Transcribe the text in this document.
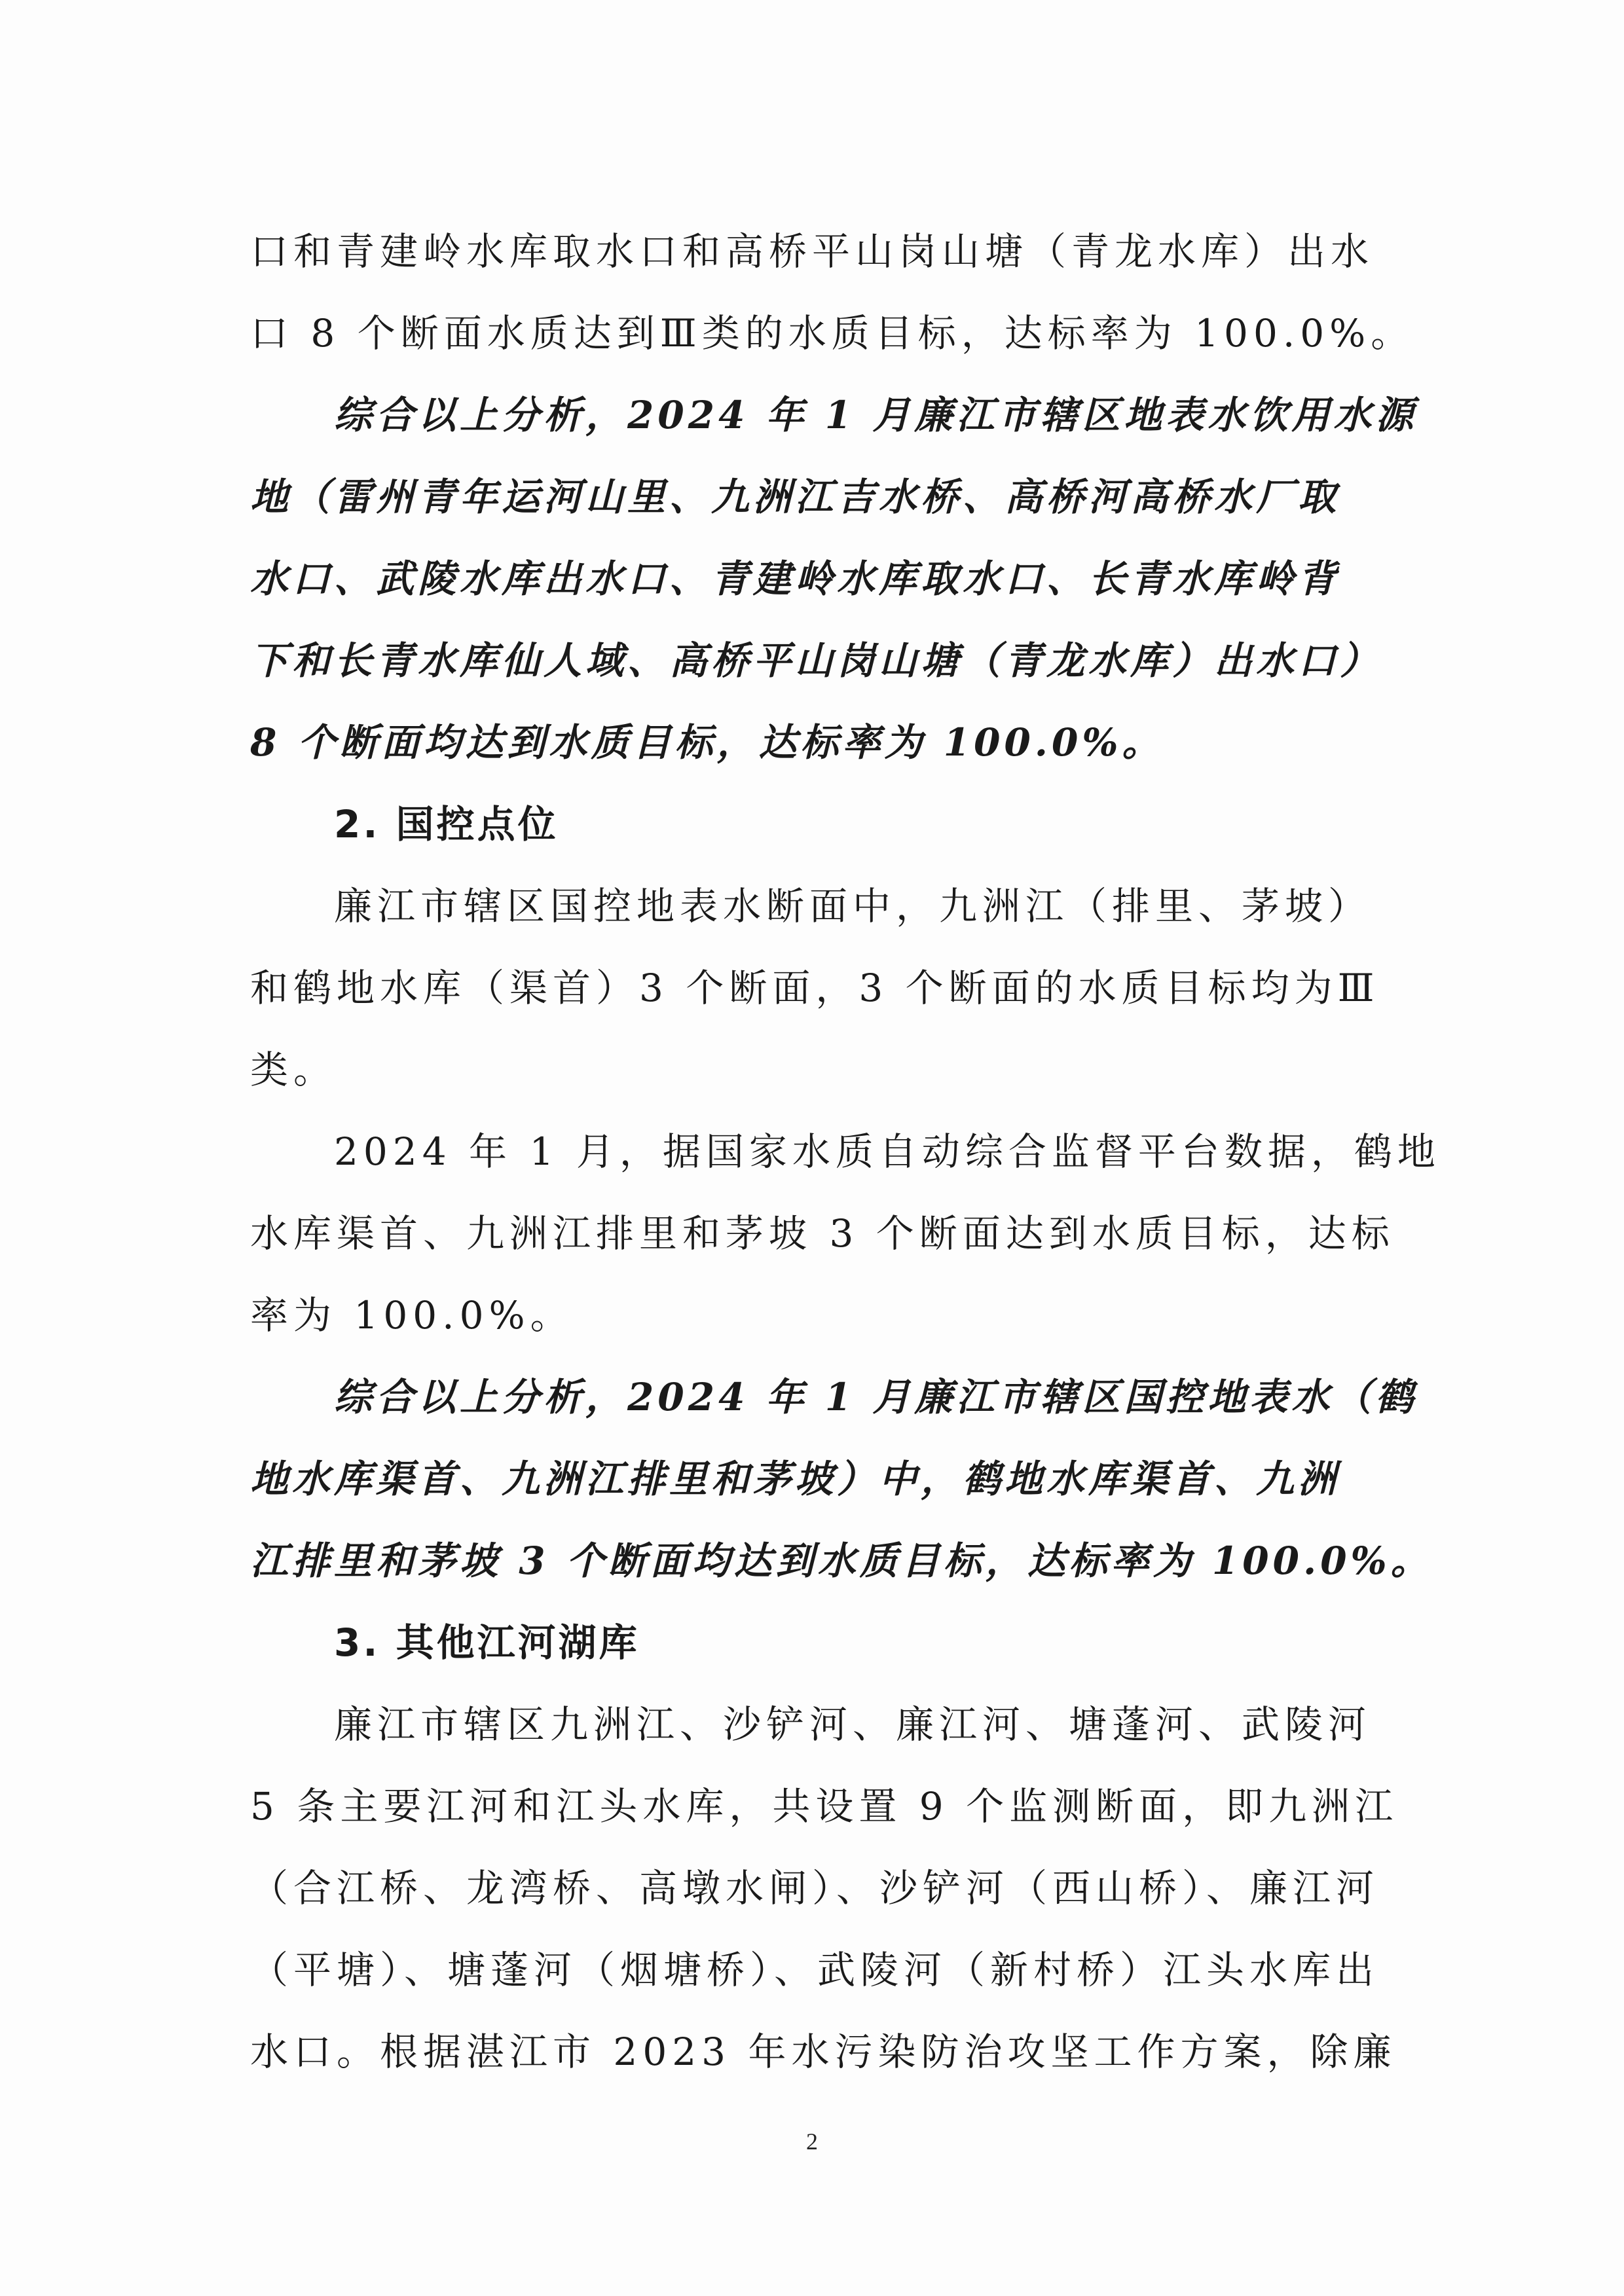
口和青建岭水库取水口和高桥平山岗山塘（青龙水库）出水
口 8 个断面水质达到Ⅲ类的水质目标，达标率为 100.0%。
综合以上分析，2024 年 1 月廉江市辖区地表水饮用水源
地（雷州青年运河山里、九洲江吉水桥、高桥河高桥水厂取
水口、武陵水库出水口、青建岭水库取水口、长青水库岭背
下和长青水库仙人域、高桥平山岗山塘（青龙水库）出水口）
8 个断面均达到水质目标，达标率为 100.0%。
2. 国控点位
廉江市辖区国控地表水断面中，九洲江（排里、茅坡）
和鹤地水库（渠首）3 个断面，3 个断面的水质目标均为Ⅲ
类。
2024 年 1 月，据国家水质自动综合监督平台数据，鹤地
水库渠首、九洲江排里和茅坡 3 个断面达到水质目标，达标
率为 100.0%。
综合以上分析，2024 年 1 月廉江市辖区国控地表水（鹤
地水库渠首、九洲江排里和茅坡）中，鹤地水库渠首、九洲
江排里和茅坡 3 个断面均达到水质目标，达标率为 100.0%。
3. 其他江河湖库
廉江市辖区九洲江、沙铲河、廉江河、塘蓬河、武陵河
5 条主要江河和江头水库，共设置 9 个监测断面，即九洲江
（合江桥、龙湾桥、高墩水闸）、沙铲河（西山桥）、廉江河
（平塘）、塘蓬河（烟塘桥）、武陵河（新村桥）江头水库出
水口。根据湛江市 2023 年水污染防治攻坚工作方案，除廉
2
